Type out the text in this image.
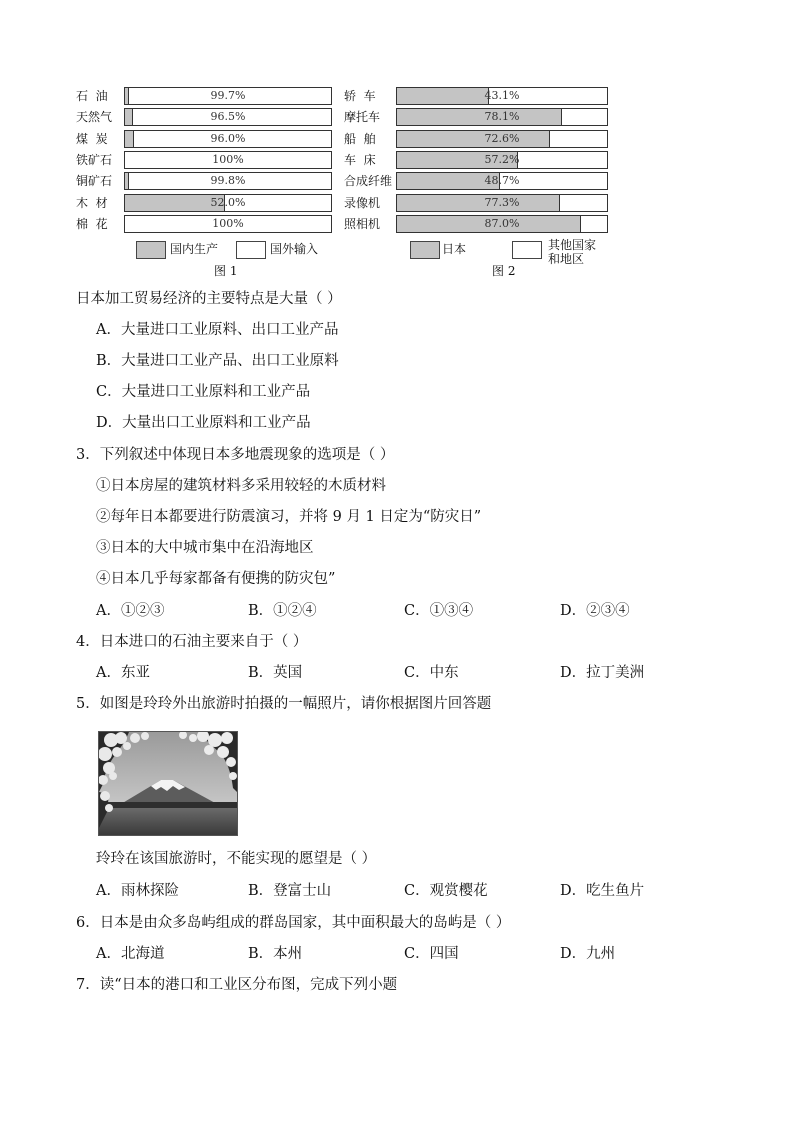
石  油	99.7%
天然气	96.5%
煤  炭	96.0%
铁矿石	100%
铜矿石	99.8%
木  材	52.0%
棉  花	100%
国内生产	国外输入
图 1
轿  车	43.1%
摩托车	78.1%
船  舶	72.6%
车  床	57.2%
合成纤维	48.7%
录像机	77.3%
照相机	87.0%
日本	其他国家
和地区
图 2
日本加工贸易经济的主要特点是大量（ ）
A．大量进口工业原料、出口工业产品
B．大量进口工业产品、出口工业原料
C．大量进口工业原料和工业产品
D．大量出口工业原料和工业产品
3．下列叙述中体现日本多地震现象的选项是（ ）
①日本房屋的建筑材料多采用较轻的木质材料
②每年日本都要进行防震演习，并将 9 月 1 日定为“防灾日”
③日本的大中城市集中在沿海地区
④日本几乎每家都备有便携的防灾包”
A．①②③	B．①②④	C．①③④	D．②③④
4．日本进口的石油主要来自于（ ）
A．东亚	B．英国	C．中东	D．拉丁美洲
5．如图是玲玲外出旅游时拍摄的一幅照片，请你根据图片回答题
玲玲在该国旅游时，不能实现的愿望是（ ）
A．雨林探险	B．登富士山	C．观赏樱花	D．吃生鱼片
6．日本是由众多岛屿组成的群岛国家，其中面积最大的岛屿是（ ）
A．北海道	B．本州	C．四国	D．九州
7．读“日本的港口和工业区分布图，完成下列小题
